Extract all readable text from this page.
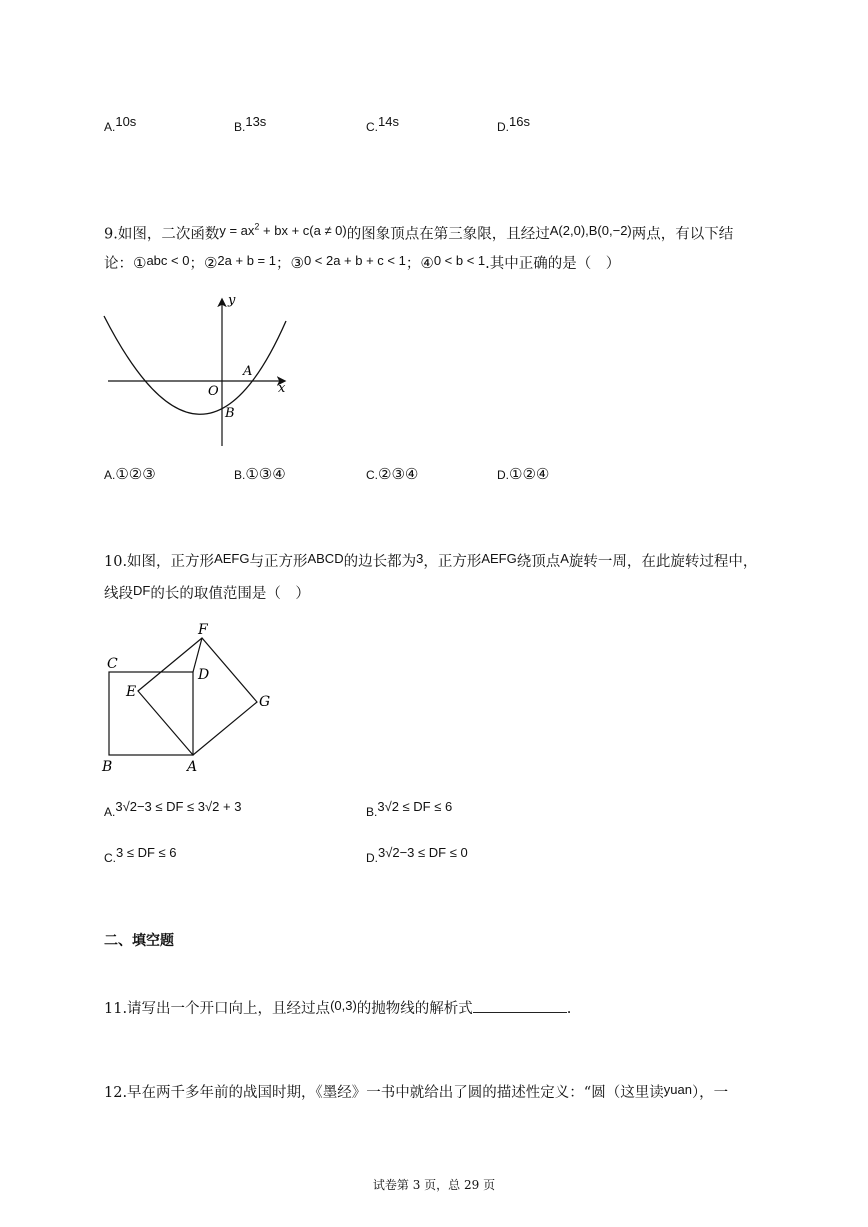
A.10s	B.13s	C.14s	D.16s
9.如图，二次函数$y = ax^2$ + bx + c(a ≠ 0)的图象顶点在第三象限，且经过A(2,0),B(0,−2)两点，有以下结
论：①abc < 0；②2a + b = 1；③0 < 2a + b + c < 1；④0 < b < 1.其中正确的是（　）
y
x
O
A
B
A.①②③	B.①③④	C.②③④	D.①②④
10.如图，正方形AEFG与正方形ABCD的边长都为3，正方形AEFG绕顶点A旋转一周，在此旋转过程中，
线段DF的长的取值范围是（　）
F
C
D
E
G
B	A
A.3√2−3 ≤ DF ≤ 3√2 + 3	B.3√2 ≤ DF ≤ 6
C.3 ≤ DF ≤ 6	D.3√2−3 ≤ DF ≤ 0
二、填空题
11.请写出一个开口向上，且经过点(0,3)的抛物线的解析式	.
12.早在两千多年前的战国时期，《墨经》一书中就给出了圆的描述性定义：“圆（这里读yuan），一
试卷第 3 页，总 29 页
